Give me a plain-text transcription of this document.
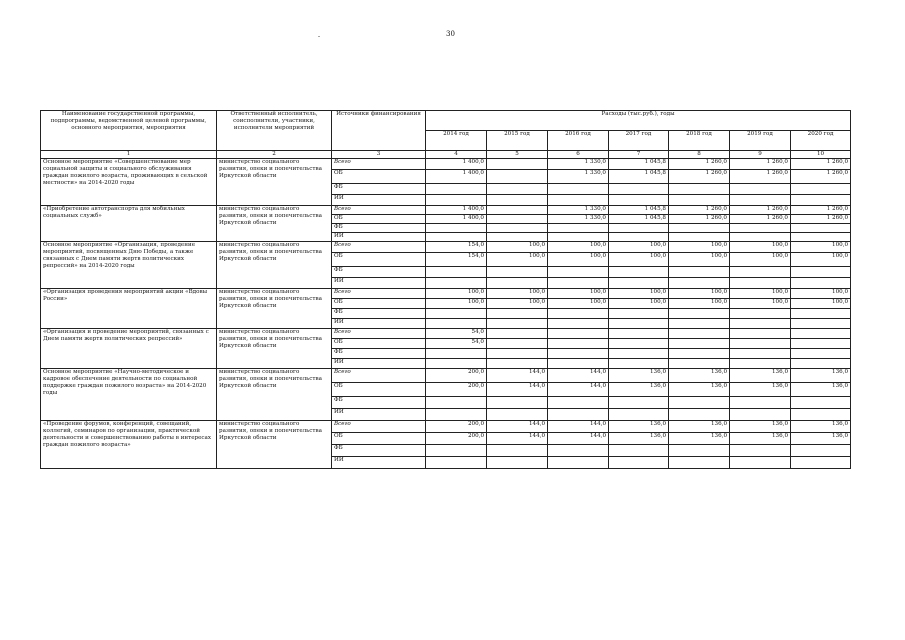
30
-
Наименование государственной программы, подпрограммы, ведомственной целевой программы, основного мероприятия, мероприятия	Ответственный исполнитель, соисполнители, участники, исполнители мероприятий	Источники финансирования	Расходы (тыс.руб.), годы						
			2014 год	2015 год	2016 год	2017 год	2018 год	2019 год	2020 год
1	2	3	4	5	6	7	8	9	10
Основное мероприятие «Совершенствование мер социальной защиты и социального обслуживания граждан пожилого возраста, проживающих в сельской местности» на 2014-2020 годы	министерство социального развития, опеки и попечительства Иркутской области	Всего	1 400,0		1 330,0	1 045,8	1 260,0	1 260,0	1 260,0
		ОБ	1 400,0		1 330,0	1 045,8	1 260,0	1 260,0	1 260,0
		ФБ							
		ИИ							
«Приобретение автотранспорта для мобильных социальных служб»	министерство социального развития, опеки и попечительства Иркутской области	Всего	1 400,0		1 330,0	1 045,8	1 260,0	1 260,0	1 260,0
		ОБ	1 400,0		1 330,0	1 045,8	1 260,0	1 260,0	1 260,0
		ФБ							
		ИИ							
Основное мероприятие «Организация, проведение мероприятий, посвященных Дню Победы, а также связанных с Днем памяти жертв политических репрессий» на 2014-2020 годы	министерство социального развития, опеки и попечительства Иркутской области	Всего	154,0	100,0	100,0	100,0	100,0	100,0	100,0
		ОБ	154,0	100,0	100,0	100,0	100,0	100,0	100,0
		ФБ							
		ИИ							
«Организация проведения мероприятий акции «Вдовы России»	министерство социального развития, опеки и попечительства Иркутской области	Всего	100,0	100,0	100,0	100,0	100,0	100,0	100,0
		ОБ	100,0	100,0	100,0	100,0	100,0	100,0	100,0
		ФБ							
		ИИ							
«Организация и проведение мероприятий, связанных с Днем памяти жертв политических репрессий»	министерство социального развития, опеки и попечительства Иркутской области	Всего	54,0						
		ОБ	54,0						
		ФБ							
		ИИ							
Основное мероприятие «Научно-методическое и кадровое обеспечение деятельности по социальной поддержке граждан пожилого возраста» на 2014-2020 годы	министерство социального развития, опеки и попечительства Иркутской области	Всего	200,0	144,0	144,0	136,0	136,0	136,0	136,0
		ОБ	200,0	144,0	144,0	136,0	136,0	136,0	136,0
		ФБ							
		ИИ							
«Проведение форумов, конференций, совещаний, коллегий, семинаров по организации, практической деятельности и совершенствованию работы в интересах граждан пожилого возраста»	министерство социального развития, опеки и попечительства Иркутской области	Всего	200,0	144,0	144,0	136,0	136,0	136,0	136,0
		ОБ	200,0	144,0	144,0	136,0	136,0	136,0	136,0
		ФБ							
		ИИ							
